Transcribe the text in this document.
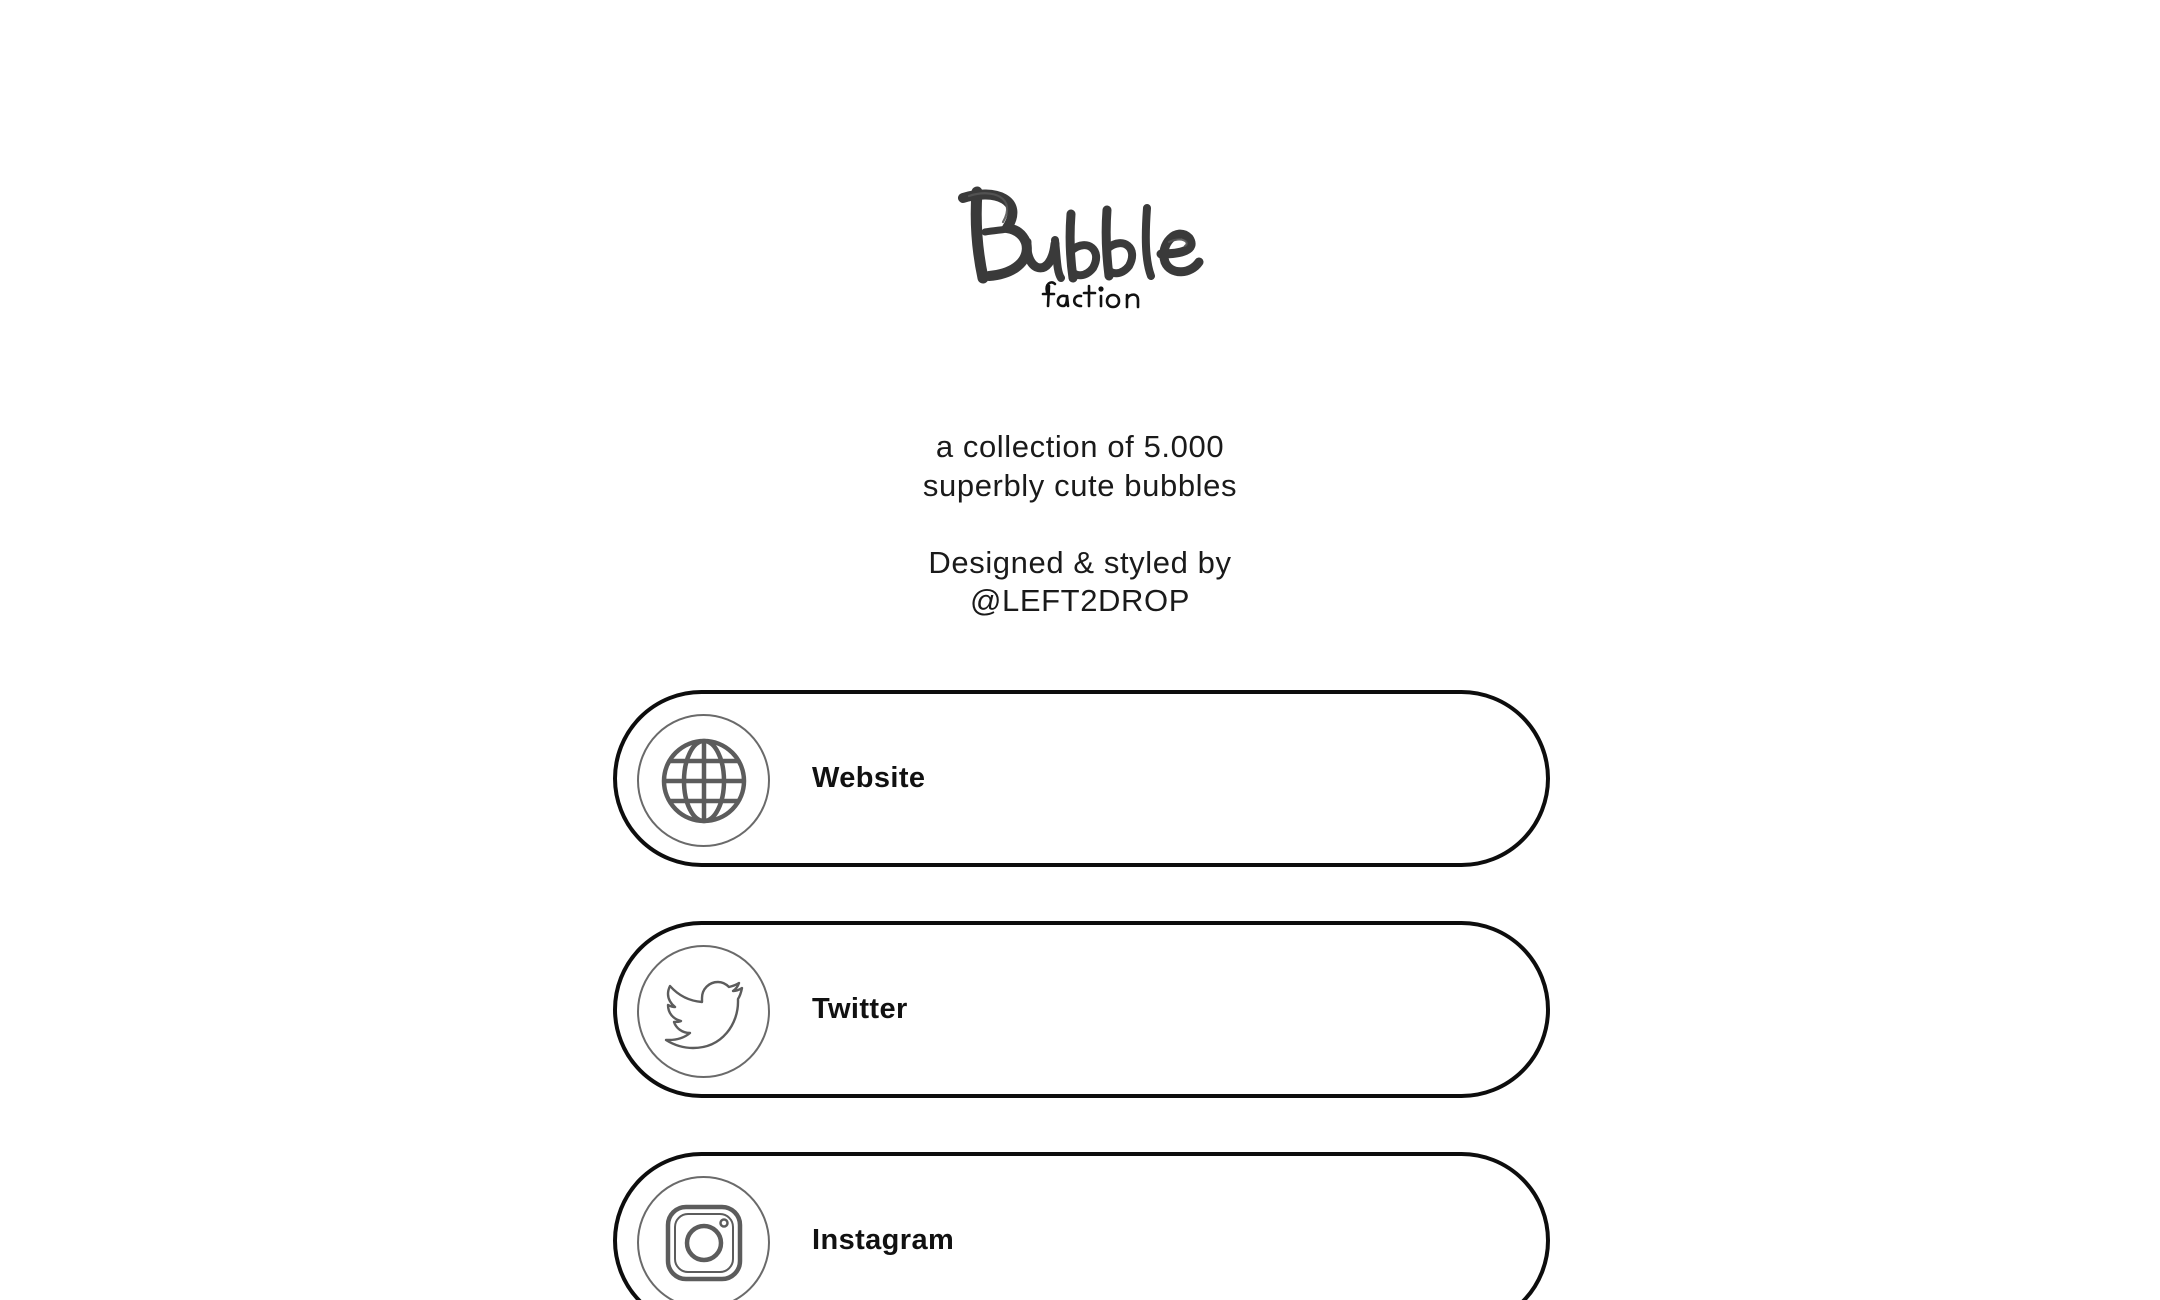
a collection of 5.000
superbly cute bubbles
Designed & styled by
@LEFT2DROP
Website
Twitter
Instagram
